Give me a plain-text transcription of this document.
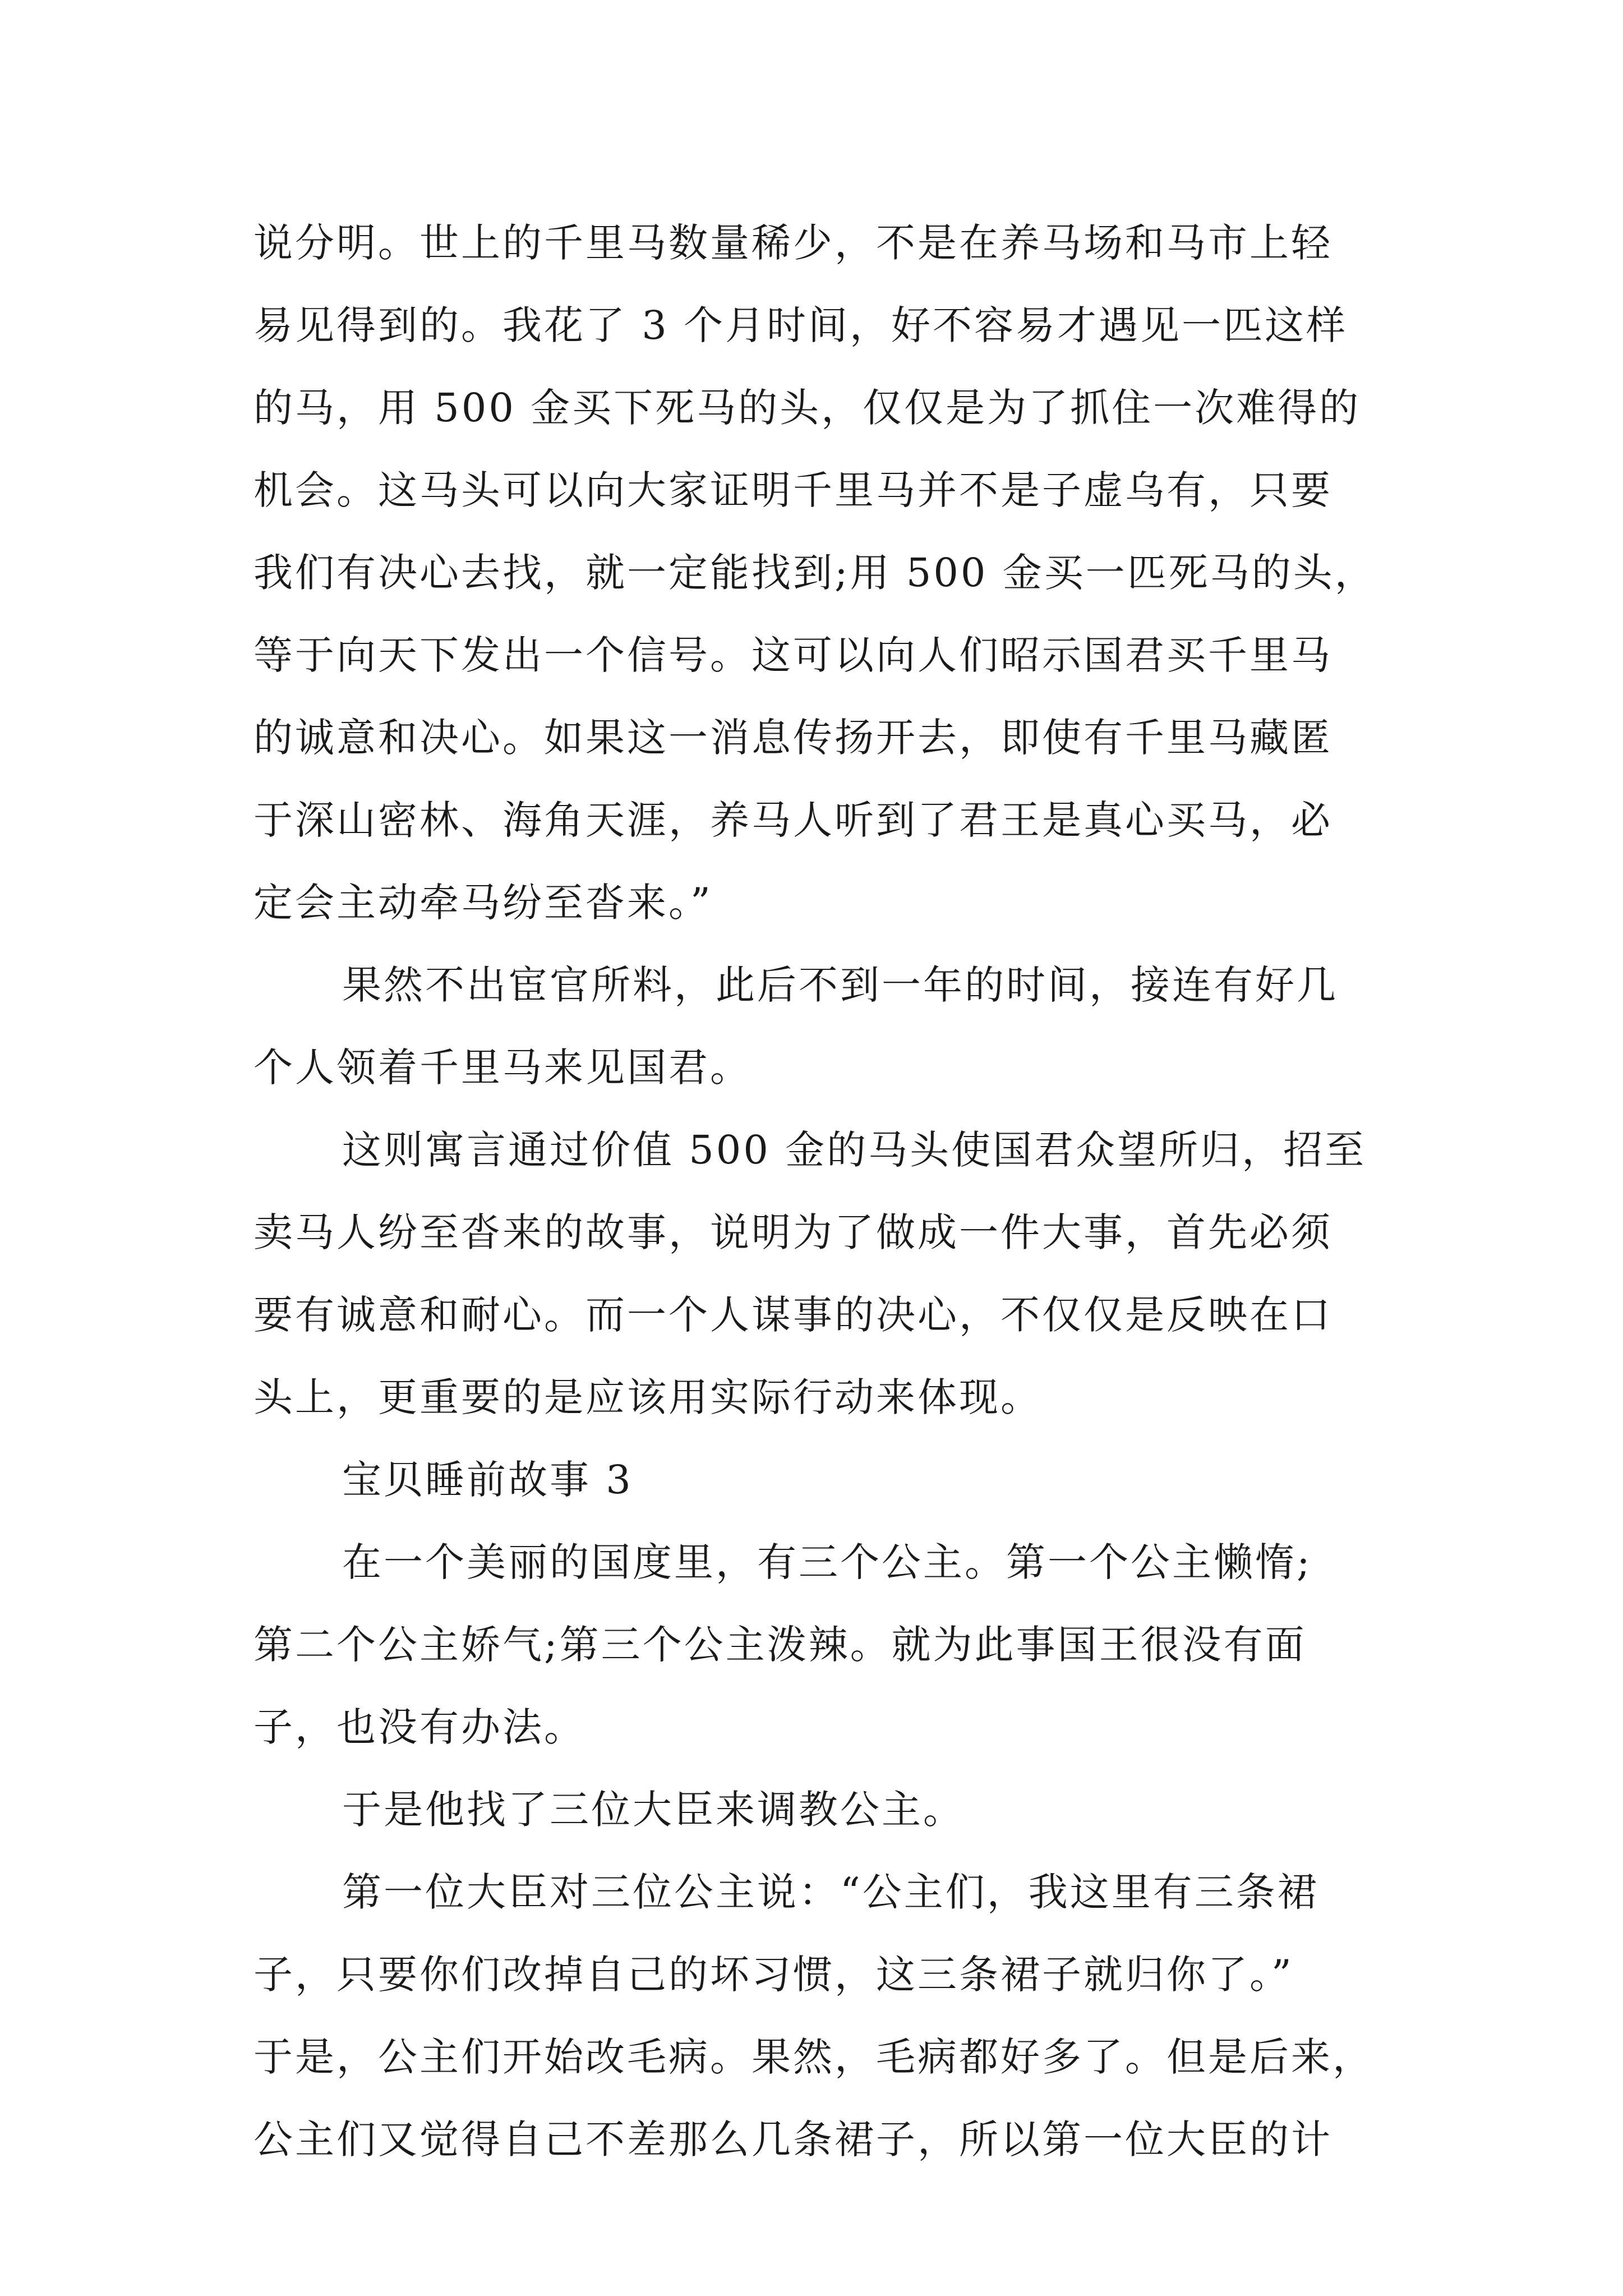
说分明。世上的千里马数量稀少，不是在养马场和马市上轻
易见得到的。我花了 3 个月时间，好不容易才遇见一匹这样
的马，用 500 金买下死马的头，仅仅是为了抓住一次难得的
机会。这马头可以向大家证明千里马并不是子虚乌有，只要
我们有决心去找，就一定能找到;用 500 金买一匹死马的头，
等于向天下发出一个信号。这可以向人们昭示国君买千里马
的诚意和决心。如果这一消息传扬开去，即使有千里马藏匿
于深山密林、海角天涯，养马人听到了君王是真心买马，必
定会主动牵马纷至沓来。”
果然不出宦官所料，此后不到一年的时间，接连有好几
个人领着千里马来见国君。
这则寓言通过价值 500 金的马头使国君众望所归，招至
卖马人纷至沓来的故事，说明为了做成一件大事，首先必须
要有诚意和耐心。而一个人谋事的决心，不仅仅是反映在口
头上，更重要的是应该用实际行动来体现。
宝贝睡前故事 3
在一个美丽的国度里，有三个公主。第一个公主懒惰;
第二个公主娇气;第三个公主泼辣。就为此事国王很没有面
子，也没有办法。
于是他找了三位大臣来调教公主。
第一位大臣对三位公主说：“公主们，我这里有三条裙
子，只要你们改掉自己的坏习惯，这三条裙子就归你了。”
于是，公主们开始改毛病。果然，毛病都好多了。但是后来，
公主们又觉得自己不差那么几条裙子，所以第一位大臣的计
